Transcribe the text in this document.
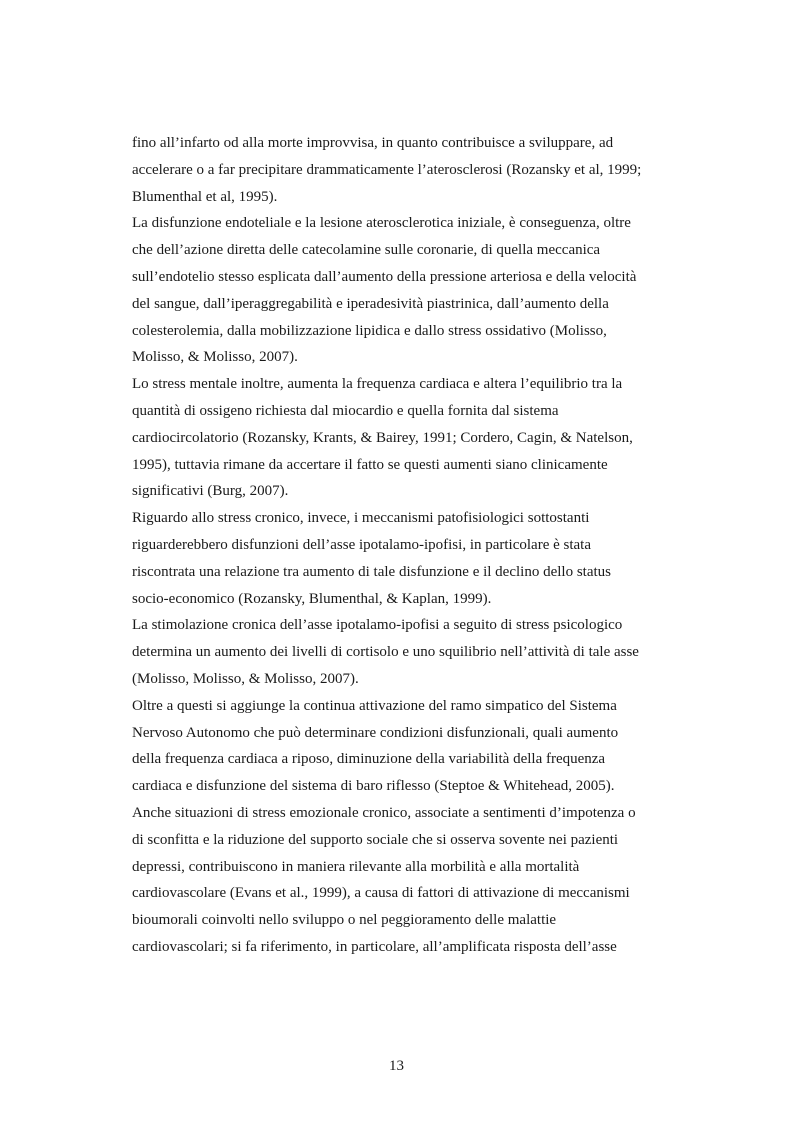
fino all’infarto od alla morte improvvisa, in quanto contribuisce a sviluppare, ad
accelerare o a far precipitare drammaticamente l’aterosclerosi (Rozansky et al, 1999;
Blumenthal et al, 1995).
La disfunzione endoteliale e la lesione aterosclerotica iniziale, è conseguenza, oltre
che dell’azione diretta delle catecolamine sulle coronarie, di quella meccanica
sull’endotelio stesso esplicata dall’aumento della pressione arteriosa e della velocità
del sangue, dall’iperaggregabilità e iperadesività piastrinica, dall’aumento della
colesterolemia, dalla mobilizzazione lipidica e dallo stress ossidativo (Molisso,
Molisso, & Molisso, 2007).
Lo stress mentale inoltre, aumenta la frequenza cardiaca e altera l’equilibrio tra la
quantità di ossigeno richiesta dal miocardio e quella fornita dal sistema
cardiocircolatorio (Rozansky, Krants, & Bairey, 1991; Cordero, Cagin, & Natelson,
1995), tuttavia rimane da accertare il fatto se questi aumenti siano clinicamente
significativi (Burg, 2007).
Riguardo allo stress cronico, invece, i meccanismi patofisiologici sottostanti
riguarderebbero disfunzioni dell’asse ipotalamo-ipofisi, in particolare è stata
riscontrata una relazione tra aumento di tale disfunzione e il declino dello status
socio-economico (Rozansky, Blumenthal, & Kaplan, 1999).
La stimolazione cronica dell’asse ipotalamo-ipofisi a seguito di stress psicologico
determina un aumento dei livelli di cortisolo e uno squilibrio nell’attività di tale asse
(Molisso, Molisso, & Molisso, 2007).
Oltre a questi si aggiunge la continua attivazione del ramo simpatico del Sistema
Nervoso Autonomo che può determinare condizioni disfunzionali, quali aumento
della frequenza cardiaca a riposo, diminuzione della variabilità della frequenza
cardiaca e disfunzione del sistema di baro riflesso (Steptoe & Whitehead, 2005).
Anche situazioni di stress emozionale cronico, associate a sentimenti d’impotenza o
di sconfitta e la riduzione del supporto sociale che si osserva sovente nei pazienti
depressi, contribuiscono in maniera rilevante alla morbilità e alla mortalità
cardiovascolare (Evans et al., 1999), a causa di fattori di attivazione di meccanismi
bioumorali coinvolti nello sviluppo o nel peggioramento delle malattie
cardiovascolari; si fa riferimento, in particolare, all’amplificata risposta dell’asse
13
